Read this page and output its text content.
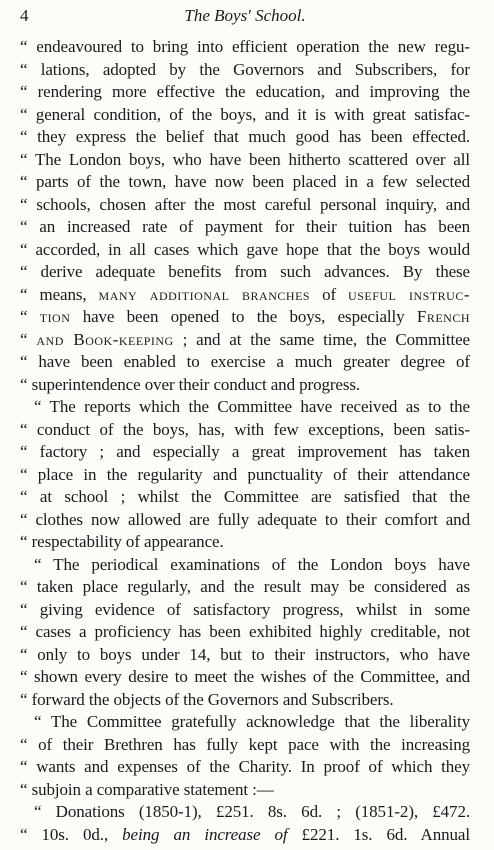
4	The Boys' School.
“ endeavoured to bring into efficient operation the new regu-
“ lations, adopted by the Governors and Subscribers, for
“ rendering more effective the education, and improving the
“ general condition, of the boys, and it is with great satisfac-
“ they express the belief that much good has been effected.
“ The London boys, who have been hitherto scattered over all
“ parts of the town, have now been placed in a few selected
“ schools, chosen after the most careful personal inquiry, and
“ an increased rate of payment for their tuition has been
“ accorded, in all cases which gave hope that the boys would
“ derive adequate benefits from such advances. By these
“ means, many additional branches of useful instruc-
“ tion have been opened to the boys, especially French
“ and Book-keeping ; and at the same time, the Committee
“ have been enabled to exercise a much greater degree of
“ superintendence over their conduct and progress.
“ The reports which the Committee have received as to the
“ conduct of the boys, has, with few exceptions, been satis-
“ factory ; and especially a great improvement has taken
“ place in the regularity and punctuality of their attendance
“ at school ; whilst the Committee are satisfied that the
“ clothes now allowed are fully adequate to their comfort and
“ respectability of appearance.
“ The periodical examinations of the London boys have
“ taken place regularly, and the result may be considered as
“ giving evidence of satisfactory progress, whilst in some
“ cases a proficiency has been exhibited highly creditable, not
“ only to boys under 14, but to their instructors, who have
“ shown every desire to meet the wishes of the Committee, and
“ forward the objects of the Governors and Subscribers.
“ The Committee gratefully acknowledge that the liberality
“ of their Brethren has fully kept pace with the increasing
“ wants and expenses of the Charity. In proof of which they
“ subjoin a comparative statement :—
“ Donations (1850-1), £251. 8s. 6d. ; (1851-2), £472.
“ 10s. 0d., being an increase of £221. 1s. 6d. Annual
